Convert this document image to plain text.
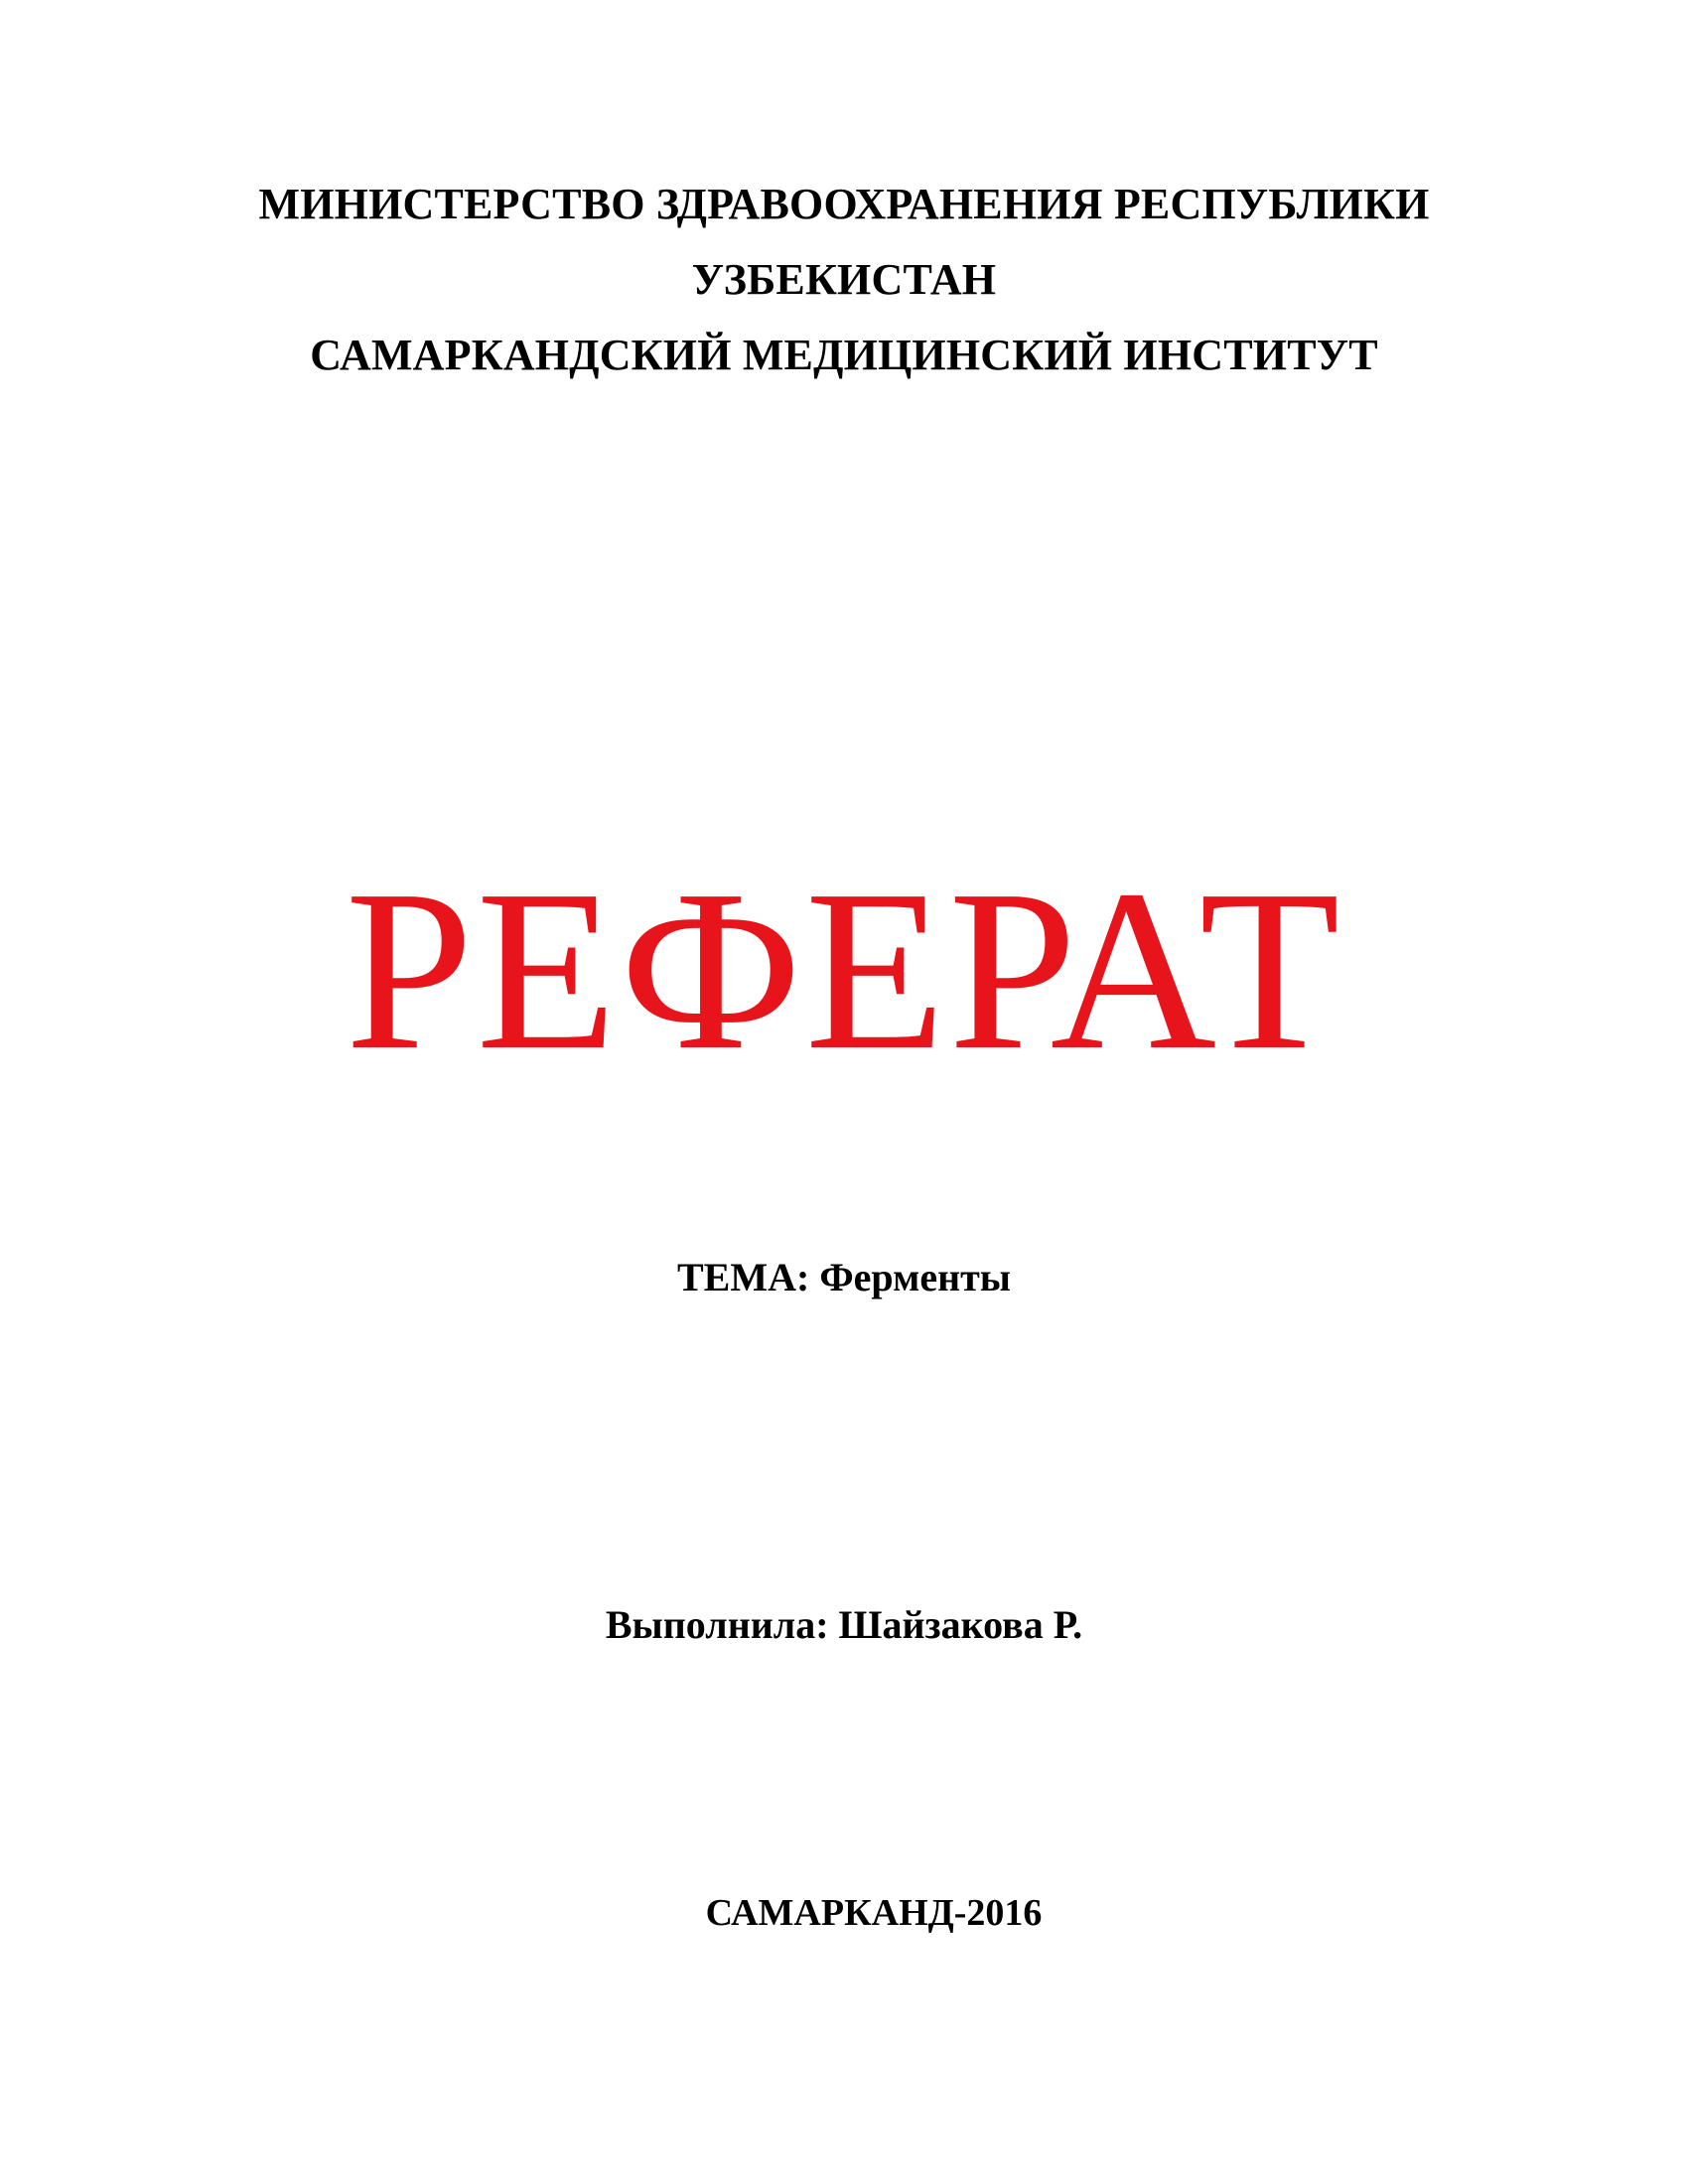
МИНИСТЕРСТВО ЗДРАВООХРАНЕНИЯ РЕСПУБЛИКИ
УЗБЕКИСТАН
САМАРКАНДСКИЙ МЕДИЦИНСКИЙ ИНСТИТУТ
РЕФЕРАТ
ТЕМА: Ферменты
Выполнила: Шайзакова Р.
САМАРКАНД-2016
